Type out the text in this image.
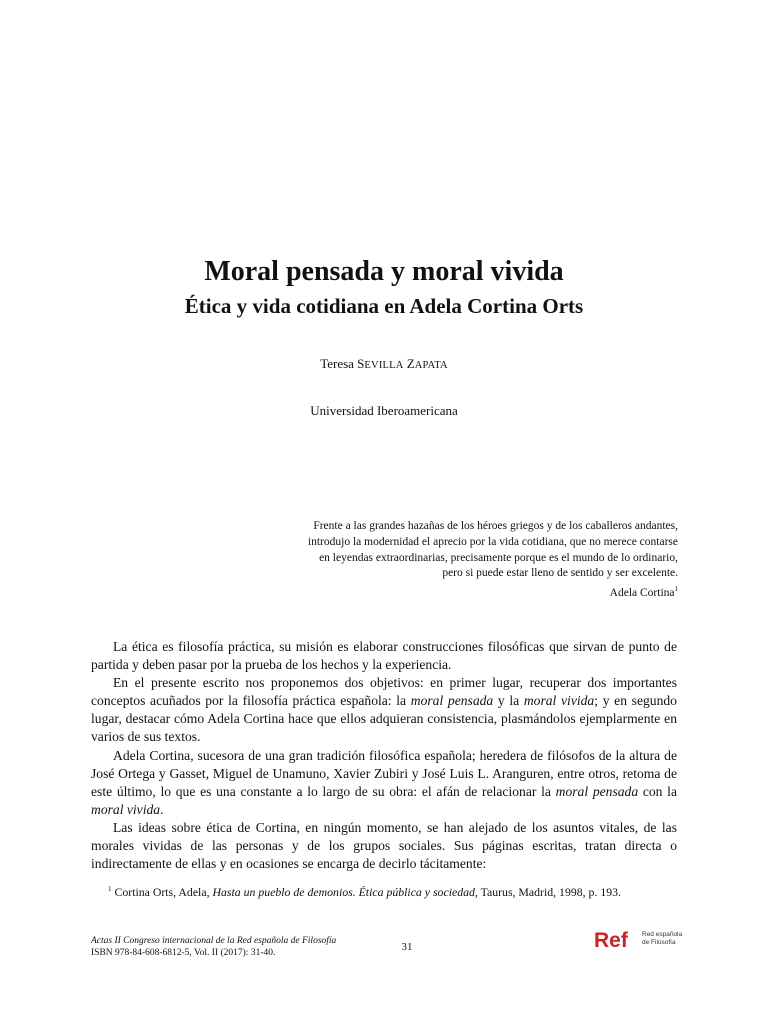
Moral pensada y moral vivida
Ética y vida cotidiana en Adela Cortina Orts
Teresa SEVILLA ZAPATA
Universidad Iberoamericana
Frente a las grandes hazañas de los héroes griegos y de los caballeros andantes,
introdujo la modernidad el aprecio por la vida cotidiana, que no merece contarse
en leyendas extraordinarias, precisamente porque es el mundo de lo ordinario,
pero si puede estar lleno de sentido y ser excelente.
Adela Cortina$^1$

La ética es filosofía práctica, su misión es elaborar construcciones filosóficas que sirvan de punto de partida y deben pasar por la prueba de los hechos y la experiencia.

En el presente escrito nos proponemos dos objetivos: en primer lugar, recuperar dos importantes conceptos acuñados por la filosofía práctica española: la moral pensada y la moral vivida; y en segundo lugar, destacar cómo Adela Cortina hace que ellos adquieran consistencia, plasmándolos ejemplarmente en varios de sus textos.

Adela Cortina, sucesora de una gran tradición filosófica española; heredera de filósofos de la altura de José Ortega y Gasset, Miguel de Unamuno, Xavier Zubiri y José Luis L. Aranguren, entre otros, retoma de este último, lo que es una constante a lo largo de su obra: el afán de relacionar la moral pensada con la moral vivida.

Las ideas sobre ética de Cortina, en ningún momento, se han alejado de los asuntos vitales, de las morales vividas de las personas y de los grupos sociales. Sus páginas escritas, tratan directa o indirectamente de ellas y en ocasiones se encarga de decirlo tácitamente:

$^1$ Cortina Orts, Adela, Hasta un pueblo de demonios. Ética pública y sociedad, Taurus, Madrid, 1998, p. 193.
Actas II Congreso internacional de la Red española de Filosofía
ISBN 978-84-608-6812-5, Vol. II (2017): 31-40.	31	Ref Red española
de Filosofía
